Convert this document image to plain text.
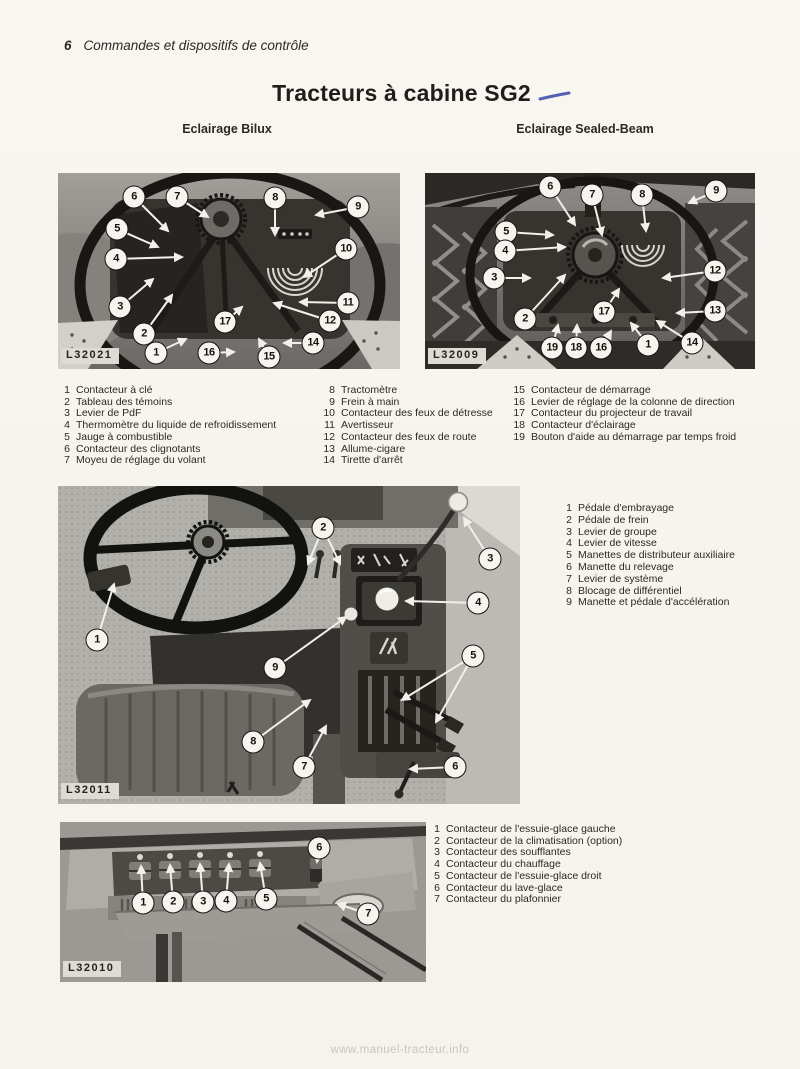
6 Commandes et dispositifs de contrôle
Tracteurs à cabine SG2
Eclairage Bilux	Eclairage Sealed-Beam
L32021
6	7	8
9
5
4
10
3	11
2
17	12
1	16	15
14
L32009
6
7	8	9
5
4
3
12
2
13
17
19	18	16	1	14
1 Contacteur à clé
2 Tableau des témoins
3 Levier de PdF
4 Thermomètre du liquide de refroidissement
5 Jauge à combustible
6 Contacteur des clignotants
7 Moyeu de réglage du volant
8 Tractomètre
9 Frein à main
10 Contacteur des feux de détresse
11 Avertisseur
12 Contacteur des feux de route
13 Allume-cigare
14 Tirette d'arrêt
15 Contacteur de démarrage
16 Levier de réglage de la colonne de direction
17 Contacteur du projecteur de travail
18 Contacteur d'éclairage
19 Bouton d'aide au démarrage par temps froid
L32011
1
2
3
4
9
5
8
7	6
1 Pédale d'embrayage
2 Pédale de frein
3 Levier de groupe
4 Levier de vitesse
5 Manettes de distributeur auxiliaire
6 Manette du relevage
7 Levier de système
8 Blocage de différentiel
9 Manette et pédale d'accélération
L32010
1	2	3	4	5
6
7
1 Contacteur de l'essuie-glace gauche
2 Contacteur de la climatisation (option)
3 Contacteur des soufflantes
4 Contacteur du chauffage
5 Contacteur de l'essuie-glace droit
6 Contacteur du lave-glace
7 Contacteur du plafonnier
www.manuel-tracteur.info
